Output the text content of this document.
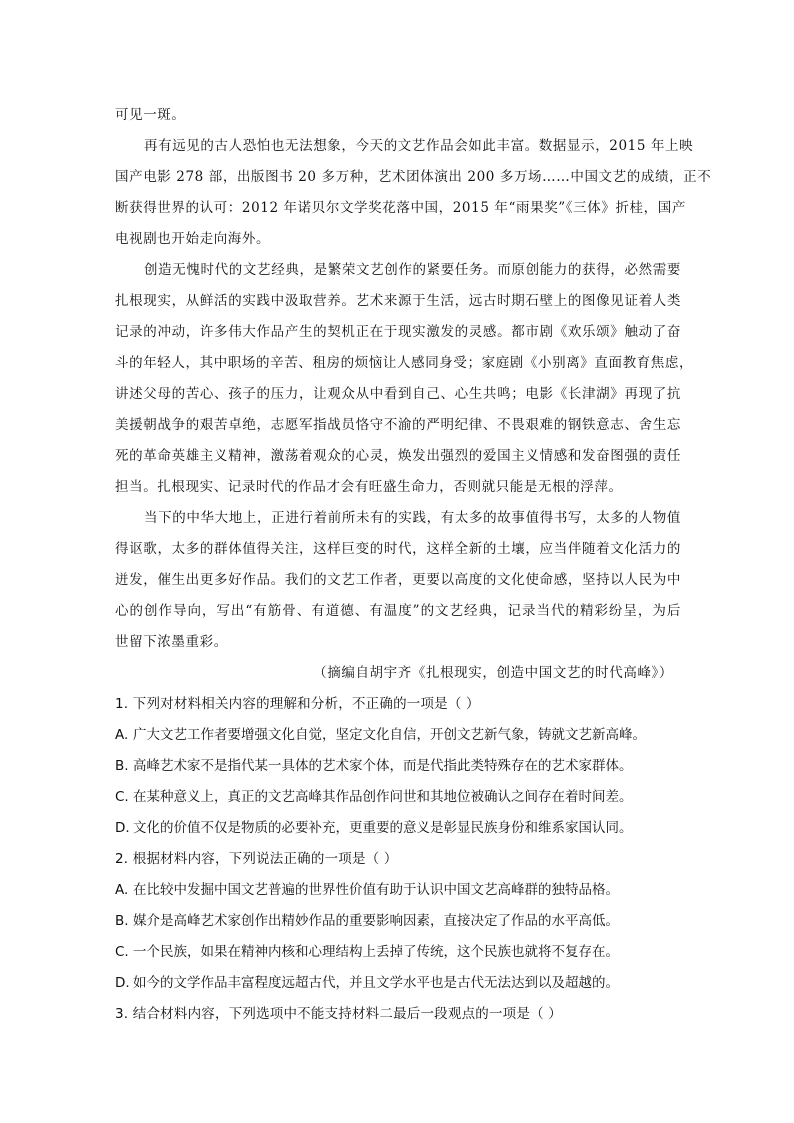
可见一斑。
再有远见的古人恐怕也无法想象，今天的文艺作品会如此丰富。数据显示，2015 年上映
国产电影 278 部，出版图书 20 多万种，艺术团体演出 200 多万场……中国文艺的成绩，正不
断获得世界的认可：2012 年诺贝尔文学奖花落中国，2015 年“雨果奖”《三体》折桂，国产
电视剧也开始走向海外。
创造无愧时代的文艺经典，是繁荣文艺创作的紧要任务。而原创能力的获得，必然需要
扎根现实，从鲜活的实践中汲取营养。艺术来源于生活，远古时期石壁上的图像见证着人类
记录的冲动，许多伟大作品产生的契机正在于现实激发的灵感。都市剧《欢乐颂》触动了奋
斗的年轻人，其中职场的辛苦、租房的烦恼让人感同身受；家庭剧《小别离》直面教育焦虑，
讲述父母的苦心、孩子的压力，让观众从中看到自己、心生共鸣；电影《长津湖》再现了抗
美援朝战争的艰苦卓绝，志愿军指战员恪守不渝的严明纪律、不畏艰难的钢铁意志、舍生忘
死的革命英雄主义精神，激荡着观众的心灵，焕发出强烈的爱国主义情感和发奋图强的责任
担当。扎根现实、记录时代的作品才会有旺盛生命力，否则就只能是无根的浮萍。
当下的中华大地上，正进行着前所未有的实践，有太多的故事值得书写，太多的人物值
得讴歌，太多的群体值得关注，这样巨变的时代，这样全新的土壤，应当伴随着文化活力的
迸发，催生出更多好作品。我们的文艺工作者，更要以高度的文化使命感，坚持以人民为中
心的创作导向，写出“有筋骨、有道德、有温度”的文艺经典，记录当代的精彩纷呈，为后
世留下浓墨重彩。
（摘编自胡宇齐《扎根现实，创造中国文艺的时代高峰》）
1. 下列对材料相关内容的理解和分析，不正确的一项是（ ）
A. 广大文艺工作者要增强文化自觉，坚定文化自信，开创文艺新气象，铸就文艺新高峰。
B. 高峰艺术家不是指代某一具体的艺术家个体，而是代指此类特殊存在的艺术家群体。
C. 在某种意义上，真正的文艺高峰其作品创作问世和其地位被确认之间存在着时间差。
D. 文化的价值不仅是物质的必要补充，更重要的意义是彰显民族身份和维系家国认同。
2. 根据材料内容，下列说法正确的一项是（ ）
A. 在比较中发掘中国文艺普遍的世界性价值有助于认识中国文艺高峰群的独特品格。
B. 媒介是高峰艺术家创作出精妙作品的重要影响因素，直接决定了作品的水平高低。
C. 一个民族，如果在精神内核和心理结构上丢掉了传统，这个民族也就将不复存在。
D. 如今的文学作品丰富程度远超古代，并且文学水平也是古代无法达到以及超越的。
3. 结合材料内容，下列选项中不能支持材料二最后一段观点的一项是（ ）
